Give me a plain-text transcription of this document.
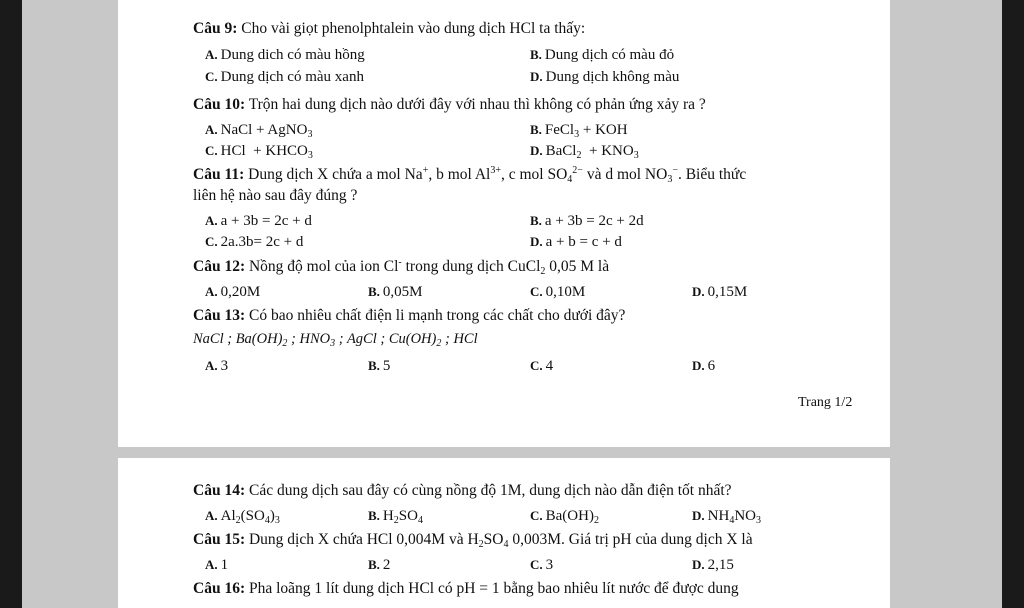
Câu 9: Cho vài giọt phenolphtalein vào dung dịch HCl ta thấy:
A. Dung dich có màu hồng	B. Dung dịch có màu đỏ
C. Dung dịch có màu xanh	D. Dung dịch không màu
Câu 10: Trộn hai dung dịch nào dưới đây với nhau thì không có phản ứng xảy ra ?
A. NaCl + AgNO$_3$	B. FeCl$_3$ + KOH
C. HCl  + $KHCO_3$	D. BaCl$_2$  + $KNO_3$
Câu 11: Dung dịch X chứa a mol Na+, b mol $Al^{3+}$, c mol $SO_4^{2-}$ và d mol $NO_3^-$. Biểu thức
liên hệ nào sau đây đúng ?
A. a + 3b = 2c + d	B. a + 3b = 2c + 2d
C. 2a.3b= 2c + d	D. a + b = c + d
Câu 12: Nồng độ mol của ion Cl- trong dung dịch CuCl$_2$ 0,05 M là
A. 0,20M	B. 0,05M	C. 0,10M	D. 0,15M
Câu 13: Có bao nhiêu chất điện li mạnh trong các chất cho dưới đây?
NaCl ; $Ba(OH)_2$ ; $HNO_3$ ; AgCl ; $Cu(OH)_2$ ; HCl
A. 3	B. 5	C. 4	D. 6
Trang 1/2
Câu 14: Các dung dịch sau đây có cùng nồng độ 1M, dung dịch nào dẫn điện tốt nhất?
A. $Al_2(SO_4)_3$	B. $H_2SO_4$	C. $Ba(OH)_2$	D. $NH_4NO_3$
Câu 15: Dung dịch X chứa HCl 0,004M và $H_2SO_4$ 0,003M. Giá trị pH của dung dịch X là
A. 1	B. 2	C. 3	D. 2,15
Câu 16: Pha loãng 1 lít dung dịch HCl có pH = 1 bằng bao nhiêu lít nước để được dung
